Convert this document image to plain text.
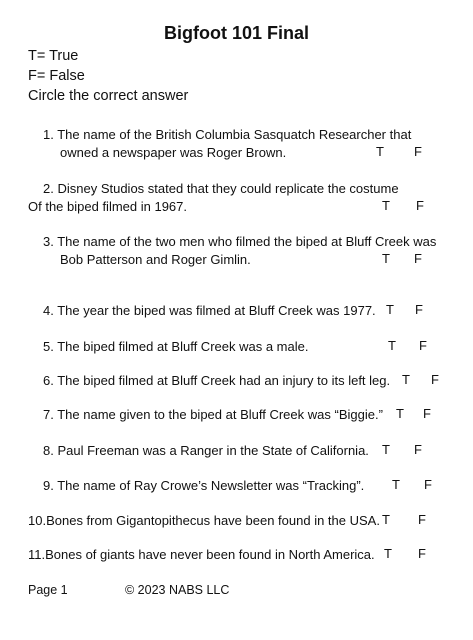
Bigfoot 101 Final
T= True
F= False
Circle the correct answer
1. The name of the British Columbia Sasquatch Researcher that
owned a newspaper was Roger Brown.	T F
2. Disney Studios stated that they could replicate the costume
Of the biped filmed in 1967.	T F
3. The name of the two men who filmed the biped at Bluff Creek was
Bob Patterson and Roger Gimlin.	T F
4. The year the biped was filmed at Bluff Creek was 1977. T F
5. The biped filmed at Bluff Creek was a male.	T F
6. The biped filmed at Bluff Creek had an injury to its left leg. T F
7. The name given to the biped at Bluff Creek was “Biggie.” T F
8. Paul Freeman was a Ranger in the State of California. T F
9. The name of Ray Crowe’s Newsletter was “Tracking”. T F
10.Bones from Gigantopithecus have been found in the USA. T F
11.Bones of giants have never been found in North America. T F
Page 1	© 2023 NABS LLC
